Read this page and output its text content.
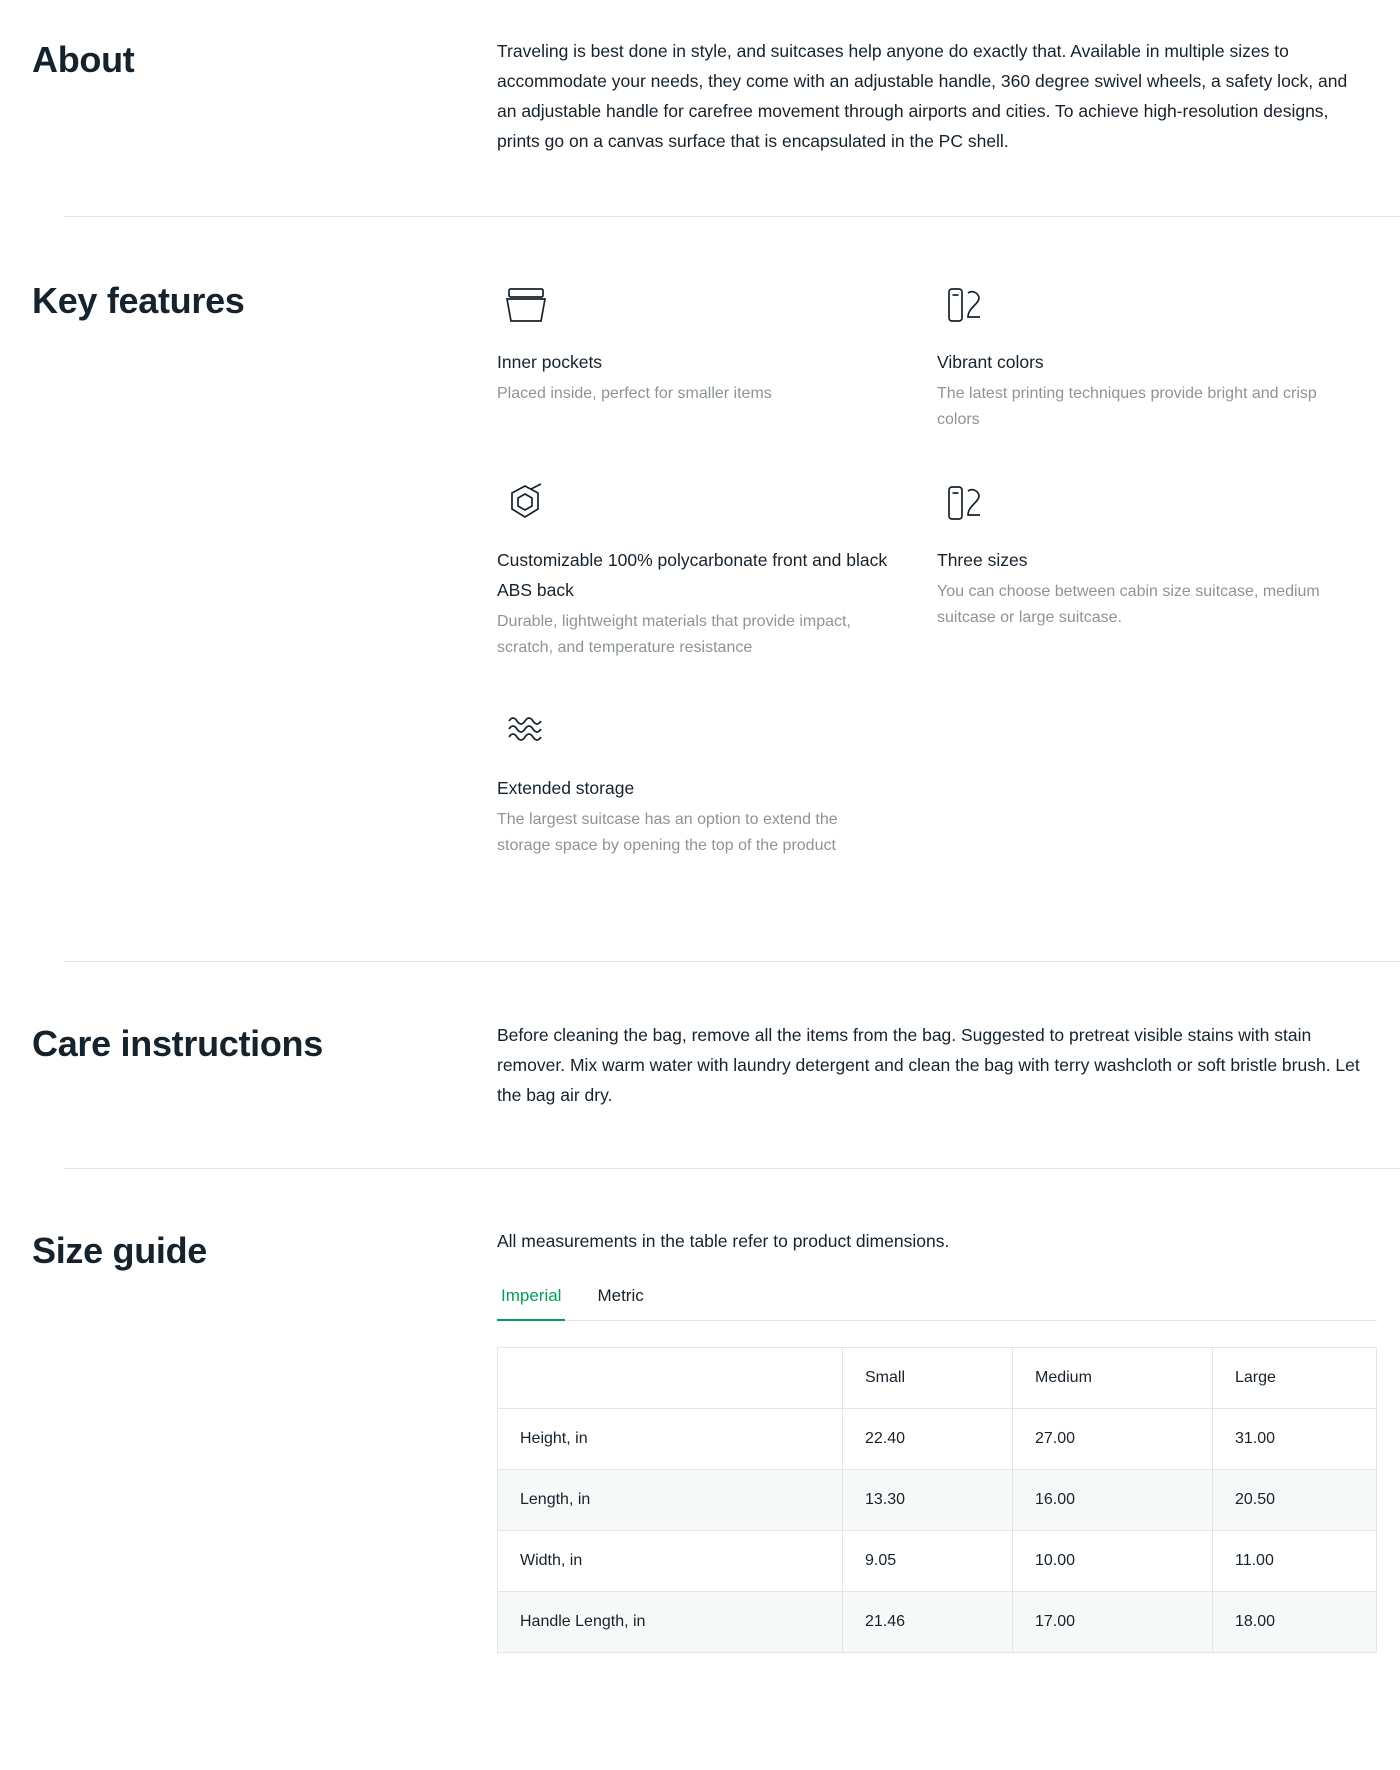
About	Traveling is best done in style, and suitcases help anyone do exactly that. Available in multiple sizes to accommodate your needs, they come with an adjustable handle, 360 degree swivel wheels, a safety lock, and an adjustable handle for carefree movement through airports and cities. To achieve high-resolution designs, prints go on a canvas surface that is encapsulated in the PC shell.

Key features

Inner pockets

Placed inside, perfect for smaller items

Vibrant colors

The latest printing techniques provide bright and crisp colors

Customizable 100% polycarbonate front and black ABS back

Durable, lightweight materials that provide impact, scratch, and temperature resistance

Three sizes

You can choose between cabin size suitcase, medium suitcase or large suitcase.

Extended storage

The largest suitcase has an option to extend the storage space by opening the top of the product

Care instructions	Before cleaning the bag, remove all the items from the bag. Suggested to pretreat visible stains with stain remover. Mix warm water with laundry detergent and clean the bag with terry washcloth or soft bristle brush. Let the bag air dry.

Size guide	All measurements in the table refer to product dimensions.

Imperial Metric
	Small	Medium	Large
Height, in	22.40	27.00	31.00
Length, in	13.30	16.00	20.50
Width, in	9.05	10.00	11.00
Handle Length, in	21.46	17.00	18.00
